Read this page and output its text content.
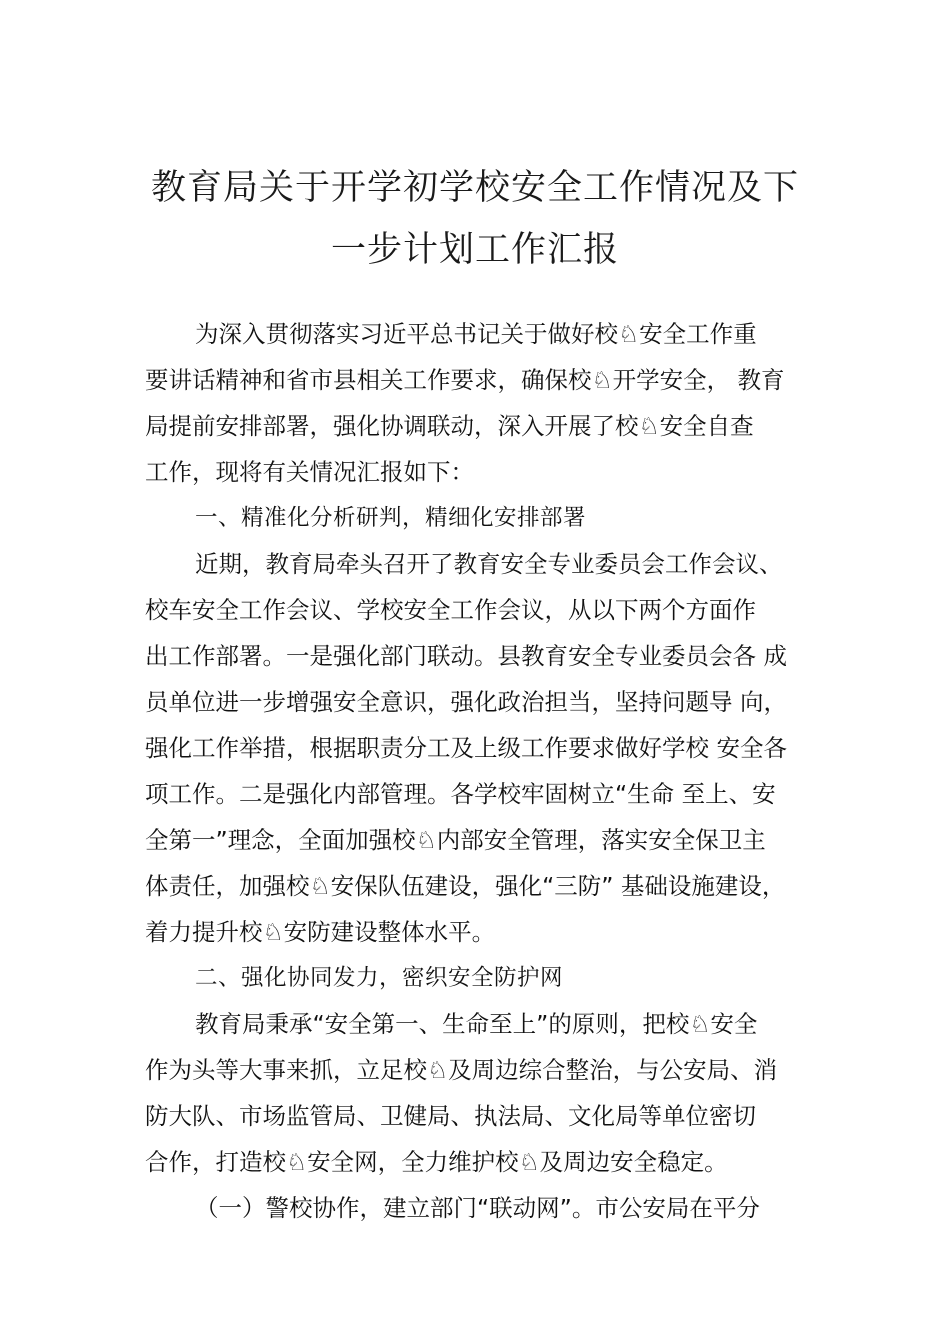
教育局关于开学初学校安全工作情况及下
一步计划工作汇报
为深入贯彻落实习近平总书记关于做好校♘安全工作重
要讲话精神和省市县相关工作要求，确保校♘开学安全， 教育
局提前安排部署，强化协调联动，深入开展了校♘安全自查
工作，现将有关情况汇报如下：
一、精准化分析研判，精细化安排部署
近期，教育局牵头召开了教育安全专业委员会工作会议、
校车安全工作会议、学校安全工作会议，从以下两个方面作
出工作部署。一是强化部门联动。县教育安全专业委员会各 成
员单位进一步增强安全意识，强化政治担当，坚持问题导 向，
强化工作举措，根据职责分工及上级工作要求做好学校 安全各
项工作。二是强化内部管理。各学校牢固树立“生命 至上、安
全第一”理念，全面加强校♘内部安全管理，落实安全保卫主
体责任，加强校♘安保队伍建设，强化“三防” 基础设施建设，
着力提升校♘安防建设整体水平。
二、强化协同发力，密织安全防护网
教育局秉承“安全第一、生命至上”的原则，把校♘安全
作为头等大事来抓，立足校♘及周边综合整治，与公安局、消
防大队、市场监管局、卫健局、执法局、文化局等单位密切
合作，打造校♘安全网，全力维护校♘及周边安全稳定。
（一）警校协作，建立部门“联动网”。市公安局在平分
